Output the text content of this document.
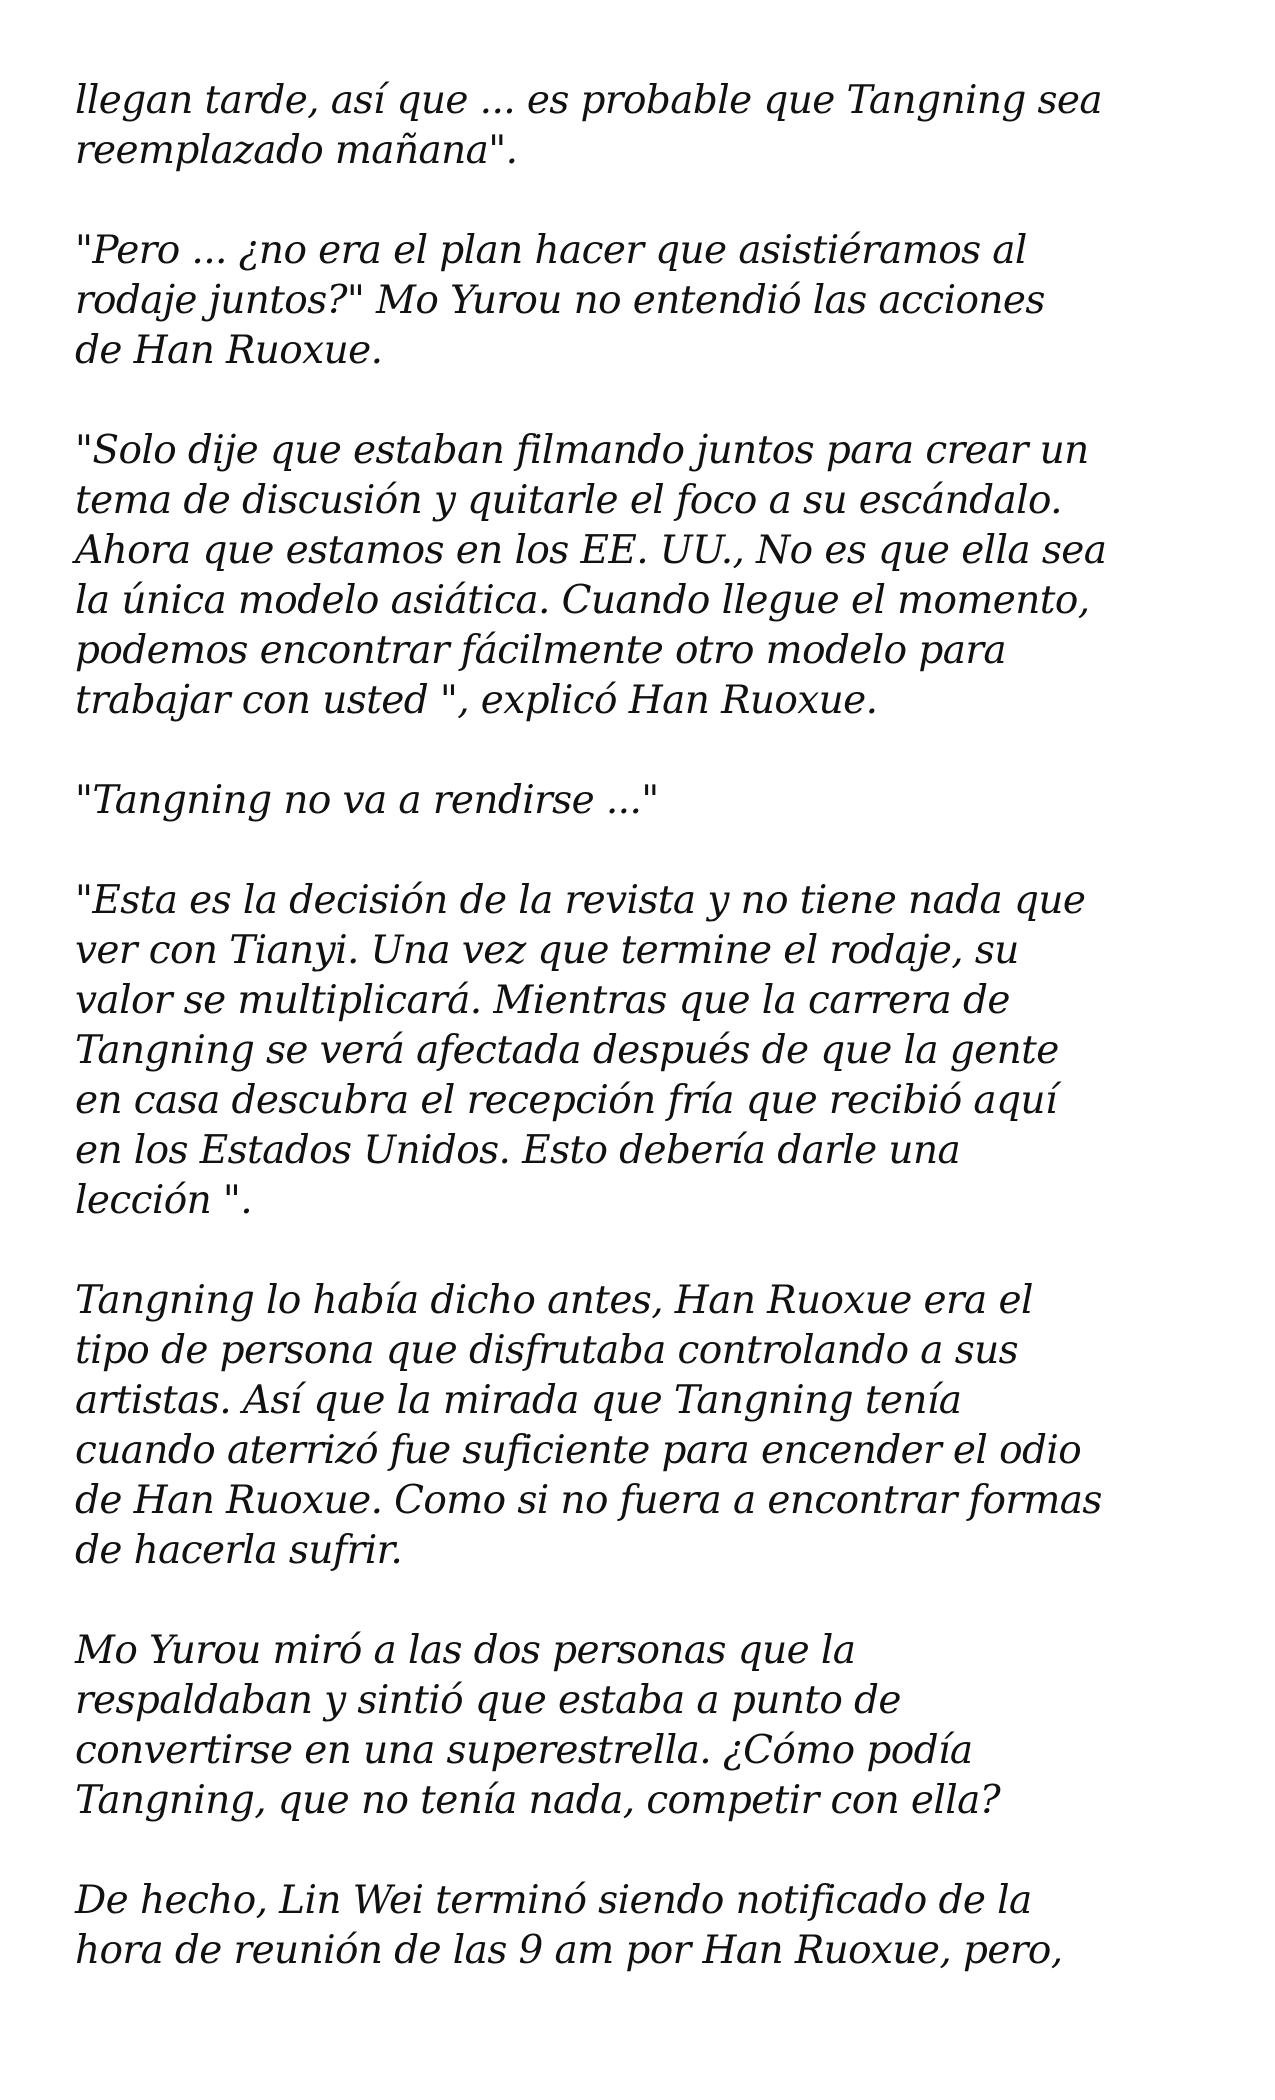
llegan tarde, así que ... es probable que Tangning sea
reemplazado mañana".

"Pero ... ¿no era el plan hacer que asistiéramos al
rodaje juntos?" Mo Yurou no entendió las acciones
de Han Ruoxue.

"Solo dije que estaban filmando juntos para crear un
tema de discusión y quitarle el foco a su escándalo.
Ahora que estamos en los EE. UU., No es que ella sea
la única modelo asiática. Cuando llegue el momento,
podemos encontrar fácilmente otro modelo para
trabajar con usted ", explicó Han Ruoxue.

"Tangning no va a rendirse ..."

"Esta es la decisión de la revista y no tiene nada que
ver con Tianyi. Una vez que termine el rodaje, su
valor se multiplicará. Mientras que la carrera de
Tangning se verá afectada después de que la gente
en casa descubra el recepción fría que recibió aquí
en los Estados Unidos. Esto debería darle una
lección ".

Tangning lo había dicho antes, Han Ruoxue era el
tipo de persona que disfrutaba controlando a sus
artistas. Así que la mirada que Tangning tenía
cuando aterrizó fue suficiente para encender el odio
de Han Ruoxue. Como si no fuera a encontrar formas
de hacerla sufrir.

Mo Yurou miró a las dos personas que la
respaldaban y sintió que estaba a punto de
convertirse en una superestrella. ¿Cómo podía
Tangning, que no tenía nada, competir con ella?

De hecho, Lin Wei terminó siendo notificado de la
hora de reunión de las 9 am por Han Ruoxue, pero,
